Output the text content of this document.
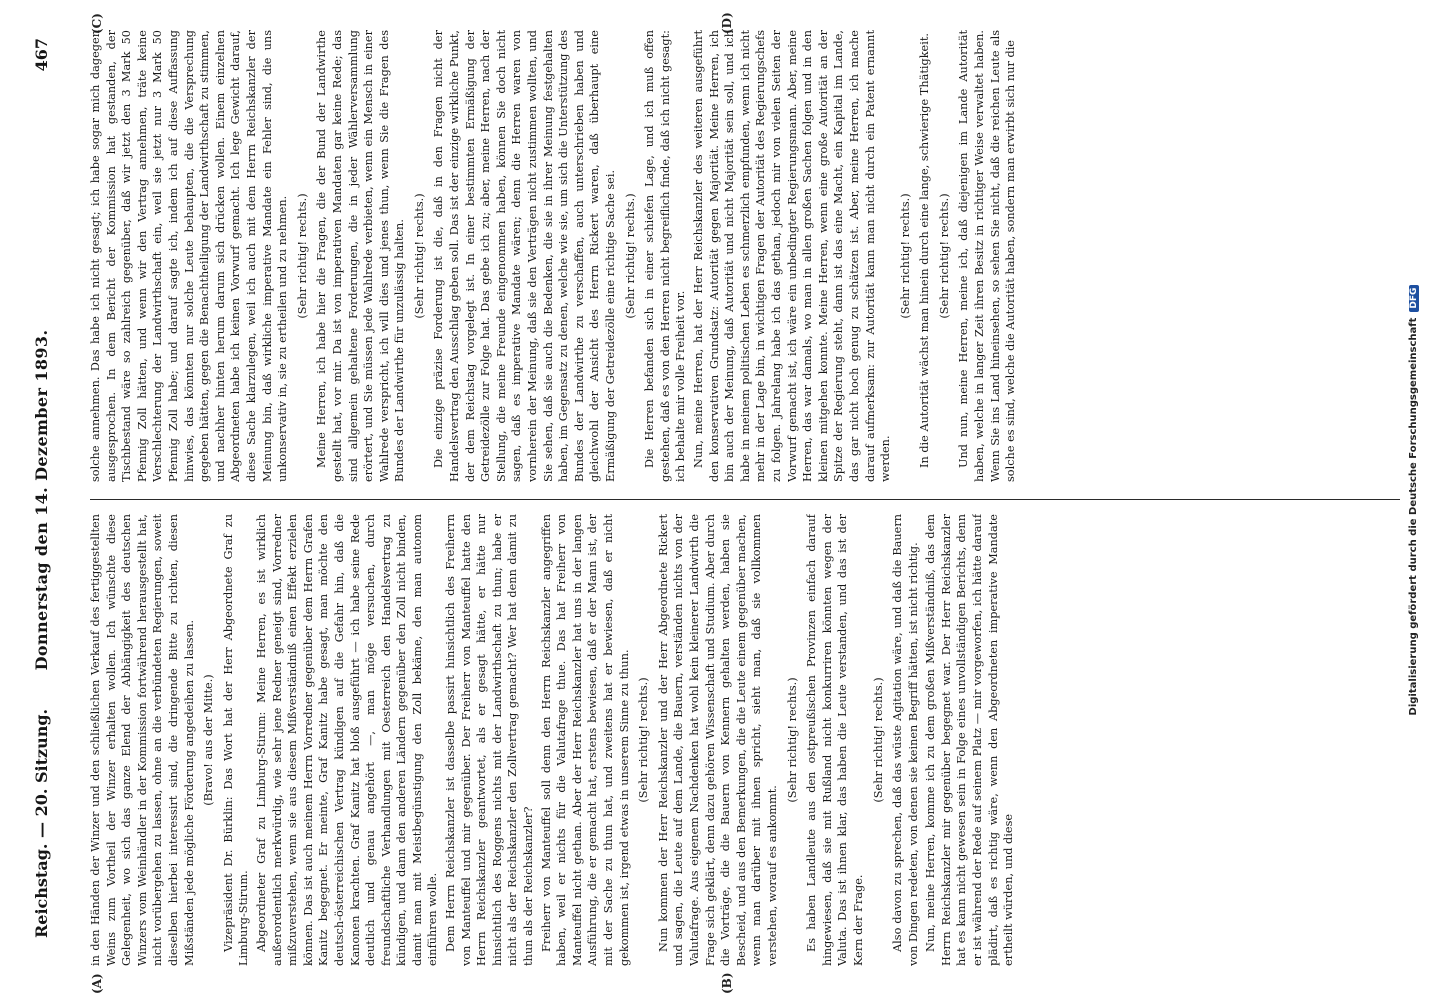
Reichstag. — 20. Sitzung.
Donnerstag den 14. Dezember 1893.
467
(A)	(B)
(C)	(D)

in den Händen der Winzer und den schließlichen Verkauf des fertiggestellten Weins zum Vortheil der Winzer erhalten wollen. Ich wünschte diese Gelegenheit, wo sich das ganze Elend der Abhängigkeit des deutschen Winzers vom Weinhändler in der Kommission fortwährend herausgestellt hat, nicht vorübergehen zu lassen, ohne an die verbündeten Regierungen, soweit dieselben hierbei interessirt sind, die dringende Bitte zu richten, diesen Mißständen jede mögliche Förderung angedeihen zu lassen. (Bravo! aus der Mitte.) Vizepräsident Dr. Bürklin: Das Wort hat der Herr Abgeordnete Graf zu Limburg-Stirum. Abgeordneter Graf zu Limburg-Stirum: Meine Herren, es ist wirklich außerordentlich merkwürdig, wie sehr jene Redner geneigt sind, Vorredner mißzuverstehen, wenn sie aus diesem Mißverständniß einen Effekt erzielen können. Das ist auch meinem Herrn Vorredner gegenüber dem Herrn Grafen Kanitz begegnet. Er meinte, Graf Kanitz habe gesagt, man möchte den deutsch-österreichischen Vertrag kündigen auf die Gefahr hin, daß die Kanonen krachten. Graf Kanitz hat bloß ausgeführt — ich habe seine Rede deutlich und genau angehört —, man möge versuchen, durch freundschaftliche Verhandlungen mit Oesterreich den Handelsvertrag zu kündigen, und dann den anderen Ländern gegenüber den Zoll nicht binden, damit man mit Meistbegünstigung den Zoll bekäme, den man autonom einführen wolle. Dem Herrn Reichskanzler ist dasselbe passirt hinsichtlich des Freiherrn von Manteuffel und mir gegenüber. Der Freiherr von Manteuffel hatte den Herrn Reichskanzler geantwortet, als er gesagt hätte, er hätte nur hinsichtlich des Roggens nichts mit der Landwirthschaft zu thun; habe er nicht als der Reichskanzler den Zollvertrag gemacht? Wer hat denn damit zu thun als der Reichskanzler? Freiherr von Manteuffel soll denn den Herrn Reichskanzler angegriffen haben, weil er nichts für die Valutafrage thue. Das hat Freiherr von Manteuffel nicht gethan. Aber der Herr Reichskanzler hat uns in der langen Ausführung, die er gemacht hat, erstens bewiesen, daß er der Mann ist, der mit der Sache zu thun hat, und zweitens hat er bewiesen, daß er nicht gekommen ist, irgend etwas in unserem Sinne zu thun. (Sehr richtig! rechts.) Nun kommen der Herr Reichskanzler und der Herr Abgeordnete Rickert und sagen, die Leute auf dem Lande, die Bauern, verständen nichts von der Valutafrage. Aus eigenem Nachdenken hat wohl kein kleinerer Landwirth die Frage sich geklärt, denn dazu gehören Wissenschaft und Studium. Aber durch die Vorträge, die die Bauern von Kennern gehalten werden, haben sie Bescheid, und aus den Bemerkungen, die die Leute einem gegenüber machen, wenn man darüber mit ihnen spricht, sieht man, daß sie vollkommen verstehen, worauf es ankommt.

(Sehr richtig! rechts.) Es haben Landleute aus den ostpreußischen Provinzen einfach darauf hingewiesen, daß sie mit Rußland nicht konkurriren könnten wegen der Valuta. Das ist ihnen klar, das haben die Leute verstanden, und das ist der Kern der Frage.

(Sehr richtig! rechts.) Also davon zu sprechen, daß das wüste Agitation wäre, und daß die Bauern von Dingen redeten, von denen sie keinen Begriff hätten, ist nicht richtig. Nun, meine Herren, komme ich zu dem großen Mißverständniß, das dem Herrn Reichskanzler mir gegenüber begegnet war. Der Herr Reichskanzler hat es kann nicht gewesen sein in Folge eines unvollständigen Berichts, denn er ist während der Rede auf seinem Platz — mir vorgeworfen, ich hätte darauf plädirt, daß es richtig wäre, wenn den Abgeordneten imperative Mandate ertheilt würden, und diese

solche annehmen. Das habe ich nicht gesagt; ich habe sogar mich dagegen ausgesprochen. In dem Bericht der Kommission hat gestanden, der Tischbestand wäre so zahlreich gegenüber, daß wir jetzt den 3 Mark 50 Pfennig Zoll hätten, und wenn wir den Vertrag annehmen, träte keine Verschlechterung der Landwirthschaft ein, weil sie jetzt nur 3 Mark 50 Pfennig Zoll habe; und darauf sagte ich, indem ich auf diese Auffassung hinwies, das könnten nur solche Leute behaupten, die die Versprechung gegeben hätten, gegen die Benachtheiligung der Landwirthschaft zu stimmen, und nachher hinten herum darum sich drücken wollen. Einem einzelnen Abgeordneten habe ich keinen Vorwurf gemacht. Ich lege Gewicht darauf, diese Sache klarzulegen, weil ich auch mit dem Herrn Reichskanzler der Meinung bin, daß wirkliche imperative Mandate ein Fehler sind, die uns unkonservativ in, sie zu ertheilen und zu nehmen. (Sehr richtig! rechts.) Meine Herren, ich habe hier die Fragen, die der Bund der Landwirthe gestellt hat, vor mir. Da ist von imperativen Mandaten gar keine Rede; das sind allgemein gehaltene Forderungen, die in jeder Wählerversammlung erörtert, und Sie müssen jede Wahlrede verbieten, wenn ein Mensch in einer Wahlrede verspricht, ich will dies und jenes thun, wenn Sie die Fragen des Bundes der Landwirthe für unzulässig halten. (Sehr richtig! rechts.) Die einzige präzise Forderung ist die, daß in den Fragen nicht der Handelsvertrag den Ausschlag geben soll. Das ist der einzige wirkliche Punkt, der dem Reichstag vorgelegt ist. In einer bestimmten Ermäßigung der Getreidezölle zur Folge hat. Das gebe ich zu; aber, meine Herren, nach der Stellung, die meine Freunde eingenommen haben, können Sie doch nicht sagen, daß es imperative Mandate wären; denn die Herren waren von vornherein der Meinung, daß sie den Verträgen nicht zustimmen wollten, und Sie sehen, daß sie auch die Bedenken, die sie in ihrer Meinung festgehalten haben, im Gegensatz zu denen, welche wie sie, um sich die Unterstützung des Bundes der Landwirthe zu verschaffen, auch unterschrieben haben und gleichwohl der Ansicht des Herrn Rickert waren, daß überhaupt eine Ermäßigung der Getreidezölle eine richtige Sache sei. (Sehr richtig! rechts.) Die Herren befanden sich in einer schiefen Lage, und ich muß offen gestehen, daß es von den Herren nicht begreiflich finde, daß ich nicht gesagt: ich behalte mir volle Freiheit vor. Nun, meine Herren, hat der Herr Reichskanzler des weiteren ausgeführt den konservativen Grundsatz: Autorität gegen Majorität. Meine Herren, ich bin auch der Meinung, daß Autorität und nicht Majorität sein soll, und ich habe in meinem politischen Leben es schmerzlich empfunden, wenn ich nicht mehr in der Lage bin, in wichtigen Fragen der Autorität des Regierungschefs zu folgen. Jahrelang habe ich das gethan, jedoch mir von vielen Seiten der Vorwurf gemacht ist, ich wäre ein unbedingter Regierungsmann. Aber, meine Herren, das war damals, wo man in allen großen Sachen folgen und in den kleinen mitgehen konnte. Meine Herren, wenn eine große Autorität an der Spitze der Regierung steht, dann ist das eine Macht, ein Kapital im Lande, das gar nicht hoch genug zu schätzen ist. Aber, meine Herren, ich mache darauf aufmerksam: zur Autorität kann man nicht durch ein Patent ernannt werden.

(Sehr richtig! rechts.) In die Autorität wächst man hinein durch eine lange, schwierige Thätigkeit. (Sehr richtig! rechts.) Und nun, meine Herren, meine ich, daß diejenigen im Lande Autorität haben, welche in langer Zeit ihren Besitz in richtiger Weise verwaltet haben. Wenn Sie ins Land hineinsehen, so sehen Sie nicht, daß die reichen Leute als solche es sind, welche die Autorität haben, sondern man erwirbt sich nur die

Digitalisierung gefördert durch die Deutsche ForschungsgemeinschaftDFG
